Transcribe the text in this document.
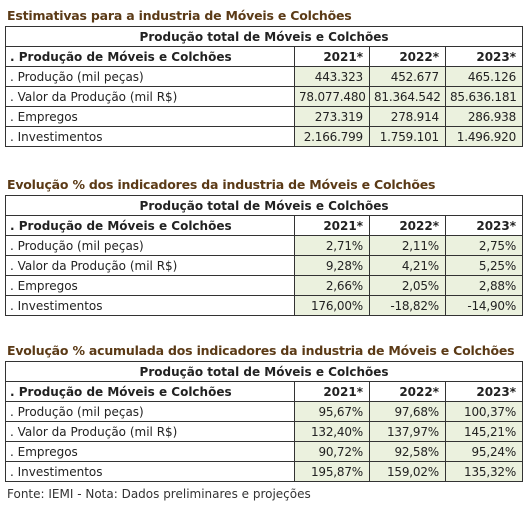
Estimativas para a industria de Móveis e Colchões
Produção total de Móveis e Colchões			
. Produção de Móveis e Colchões	2021*	2022*	2023*
. Produção (mil peças)	443.323	452.677	465.126
. Valor da Produção (mil R$)	78.077.480	81.364.542	85.636.181
. Empregos	273.319	278.914	286.938
. Investimentos	2.166.799	1.759.101	1.496.920
Evolução % dos indicadores da industria de Móveis e Colchões
Produção total de Móveis e Colchões			
. Produção de Móveis e Colchões	2021*	2022*	2023*
. Produção (mil peças)	2,71%	2,11%	2,75%
. Valor da Produção (mil R$)	9,28%	4,21%	5,25%
. Empregos	2,66%	2,05%	2,88%
. Investimentos	176,00%	-18,82%	-14,90%
Evolução % acumulada dos indicadores da industria de Móveis e Colchões
Produção total de Móveis e Colchões			
. Produção de Móveis e Colchões	2021*	2022*	2023*
. Produção (mil peças)	95,67%	97,68%	100,37%
. Valor da Produção (mil R$)	132,40%	137,97%	145,21%
. Empregos	90,72%	92,58%	95,24%
. Investimentos	195,87%	159,02%	135,32%
Fonte: IEMI - Nota: Dados preliminares e projeções
